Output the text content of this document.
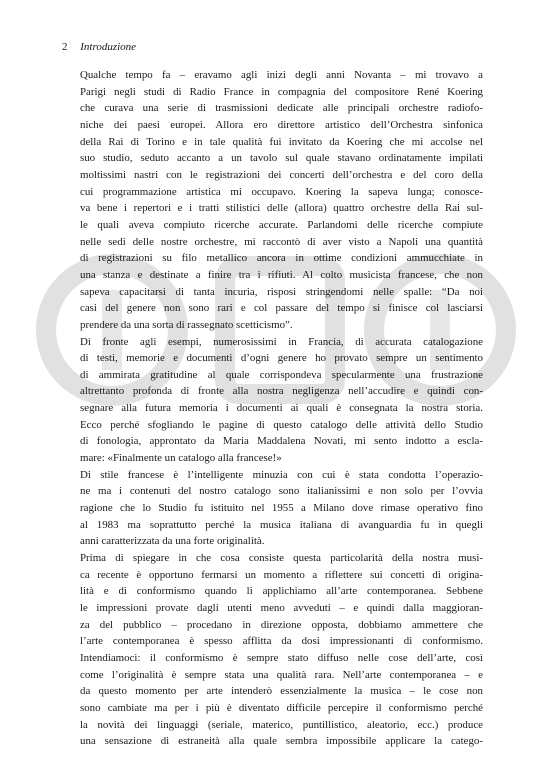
2 Introduzione

Qualche tempo fa – eravamo agli inizi degli anni Novanta – mi trovavo a
Parigi negli studi di Radio France in compagnia del compositore René Koering
che curava una serie di trasmissioni dedicate alle principali orchestre radiofo-
niche dei paesi europei. Allora ero direttore artistico dell’Orchestra sinfonica
della Rai di Torino e in tale qualità fui invitato da Koering che mi accolse nel
suo studio, seduto accanto a un tavolo sul quale stavano ordinatamente impilati
moltissimi nastri con le registrazioni dei concerti dell’orchestra e del coro della
cui programmazione artistica mi occupavo. Koering la sapeva lunga; conosce-
va bene i repertori e i tratti stilistici delle (allora) quattro orchestre della Rai sul-
le quali aveva compiuto ricerche accurate. Parlandomi delle ricerche compiute
nelle sedi delle nostre orchestre, mi raccontò di aver visto a Napoli una quantità
di registrazioni su filo metallico ancora in ottime condizioni ammucchiate in
una stanza e destinate a finire tra i rifiuti. Al colto musicista francese, che non
sapeva capacitarsi di tanta incuria, risposi stringendomi nelle spalle: “Da noi
casi del genere non sono rari e col passare del tempo si finisce col lasciarsi
prendere da una sorta di rassegnato scetticismo”.

Di fronte agli esempi, numerosissimi in Francia, di accurata catalogazione
di testi, memorie e documenti d’ogni genere ho provato sempre un sentimento
di ammirata gratitudine al quale corrispondeva specularmente una frustrazione
altrettanto profonda di fronte alla nostra negligenza nell’accudire e quindi con-
segnare alla futura memoria i documenti ai quali è consegnata la nostra storia.
Ecco perché sfogliando le pagine di questo catalogo delle attività dello Studio
di fonologia, approntato da Maria Maddalena Novati, mi sento indotto a escla-
mare: «Finalmente un catalogo alla francese!»

Di stile francese è l’intelligente minuzia con cui è stata condotta l’operazio-
ne ma i contenuti del nostro catalogo sono italianissimi e non solo per l’ovvia
ragione che lo Studio fu istituito nel 1955 a Milano dove rimase operativo fino
al 1983 ma soprattutto perché la musica italiana di avanguardia fu in quegli
anni caratterizzata da una forte originalità.

Prima di spiegare in che cosa consiste questa particolarità della nostra musi-
ca recente è opportuno fermarsi un momento a riflettere sui concetti di origina-
lità e di conformismo quando li applichiamo all’arte contemporanea. Sebbene
le impressioni provate dagli utenti meno avveduti – e quindi dalla maggioran-
za del pubblico – procedano in direzione opposta, dobbiamo ammettere che
l’arte contemporanea è spesso afflitta da dosi impressionanti di conformismo.
Intendiamoci: il conformismo è sempre stato diffuso nelle cose dell’arte, così
come l’originalità è sempre stata una qualità rara. Nell’arte contemporanea – e
da questo momento per arte intenderò essenzialmente la musica – le cose non
sono cambiate ma per i più è diventato difficile percepire il conformismo perché
la novità dei linguaggi (seriale, materico, puntillistico, aleatorio, ecc.) produce
una sensazione di estraneità alla quale sembra impossibile applicare la catego-
